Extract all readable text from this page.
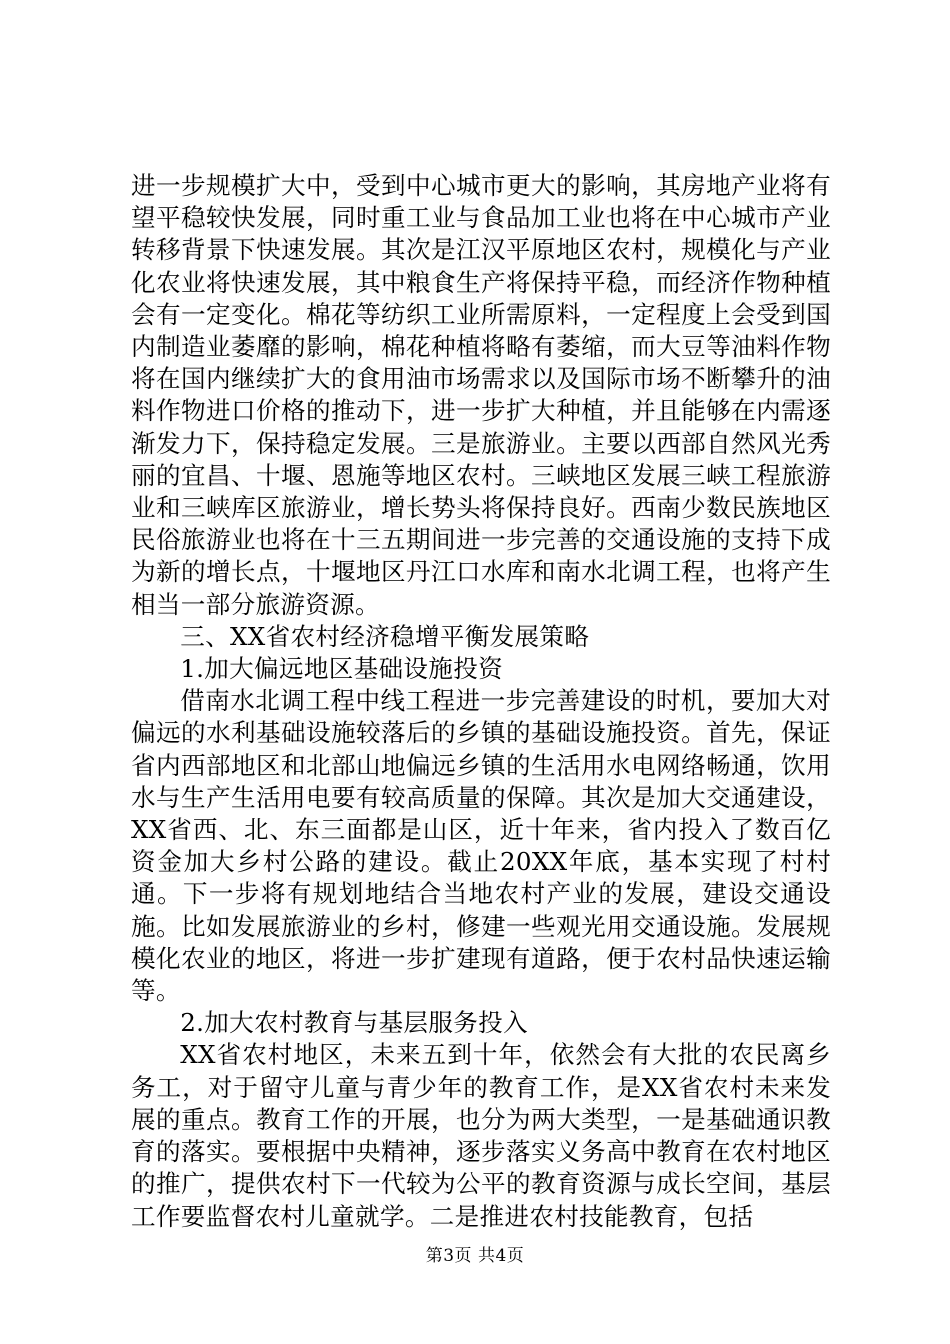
进一步规模扩大中，受到中心城市更大的影响，其房地产业将有望平稳较快发展，同时重工业与食品加工业也将在中心城市产业转移背景下快速发展。其次是江汉平原地区农村，规模化与产业化农业将快速发展，其中粮食生产将保持平稳，而经济作物种植会有一定变化。棉花等纺织工业所需原料，一定程度上会受到国内制造业萎靡的影响，棉花种植将略有萎缩，而大豆等油料作物将在国内继续扩大的食用油市场需求以及国际市场不断攀升的油料作物进口价格的推动下，进一步扩大种植，并且能够在内需逐渐发力下，保持稳定发展。三是旅游业。主要以西部自然风光秀丽的宜昌、十堰、恩施等地区农村。三峡地区发展三峡工程旅游业和三峡库区旅游业，增长势头将保持良好。西南少数民族地区民俗旅游业也将在十三五期间进一步完善的交通设施的支持下成为新的增长点，十堰地区丹江口水库和南水北调工程，也将产生相当一部分旅游资源。

三、XX省农村经济稳增平衡发展策略

1.加大偏远地区基础设施投资

借南水北调工程中线工程进一步完善建设的时机，要加大对偏远的水利基础设施较落后的乡镇的基础设施投资。首先，保证省内西部地区和北部山地偏远乡镇的生活用水电网络畅通，饮用水与生产生活用电要有较高质量的保障。其次是加大交通建设，XX省西、北、东三面都是山区，近十年来，省内投入了数百亿资金加大乡村公路的建设。截止20XX年底，基本实现了村村通。下一步将有规划地结合当地农村产业的发展，建设交通设施。比如发展旅游业的乡村，修建一些观光用交通设施。发展规模化农业的地区，将进一步扩建现有道路，便于农村品快速运输等。

2.加大农村教育与基层服务投入

XX省农村地区，未来五到十年，依然会有大批的农民离乡务工，对于留守儿童与青少年的教育工作，是XX省农村未来发展的重点。教育工作的开展，也分为两大类型，一是基础通识教育的落实。要根据中央精神，逐步落实义务高中教育在农村地区的推广，提供农村下一代较为公平的教育资源与成长空间，基层工作要监督农村儿童就学。二是推进农村技能教育，包括

第3页 共4页
